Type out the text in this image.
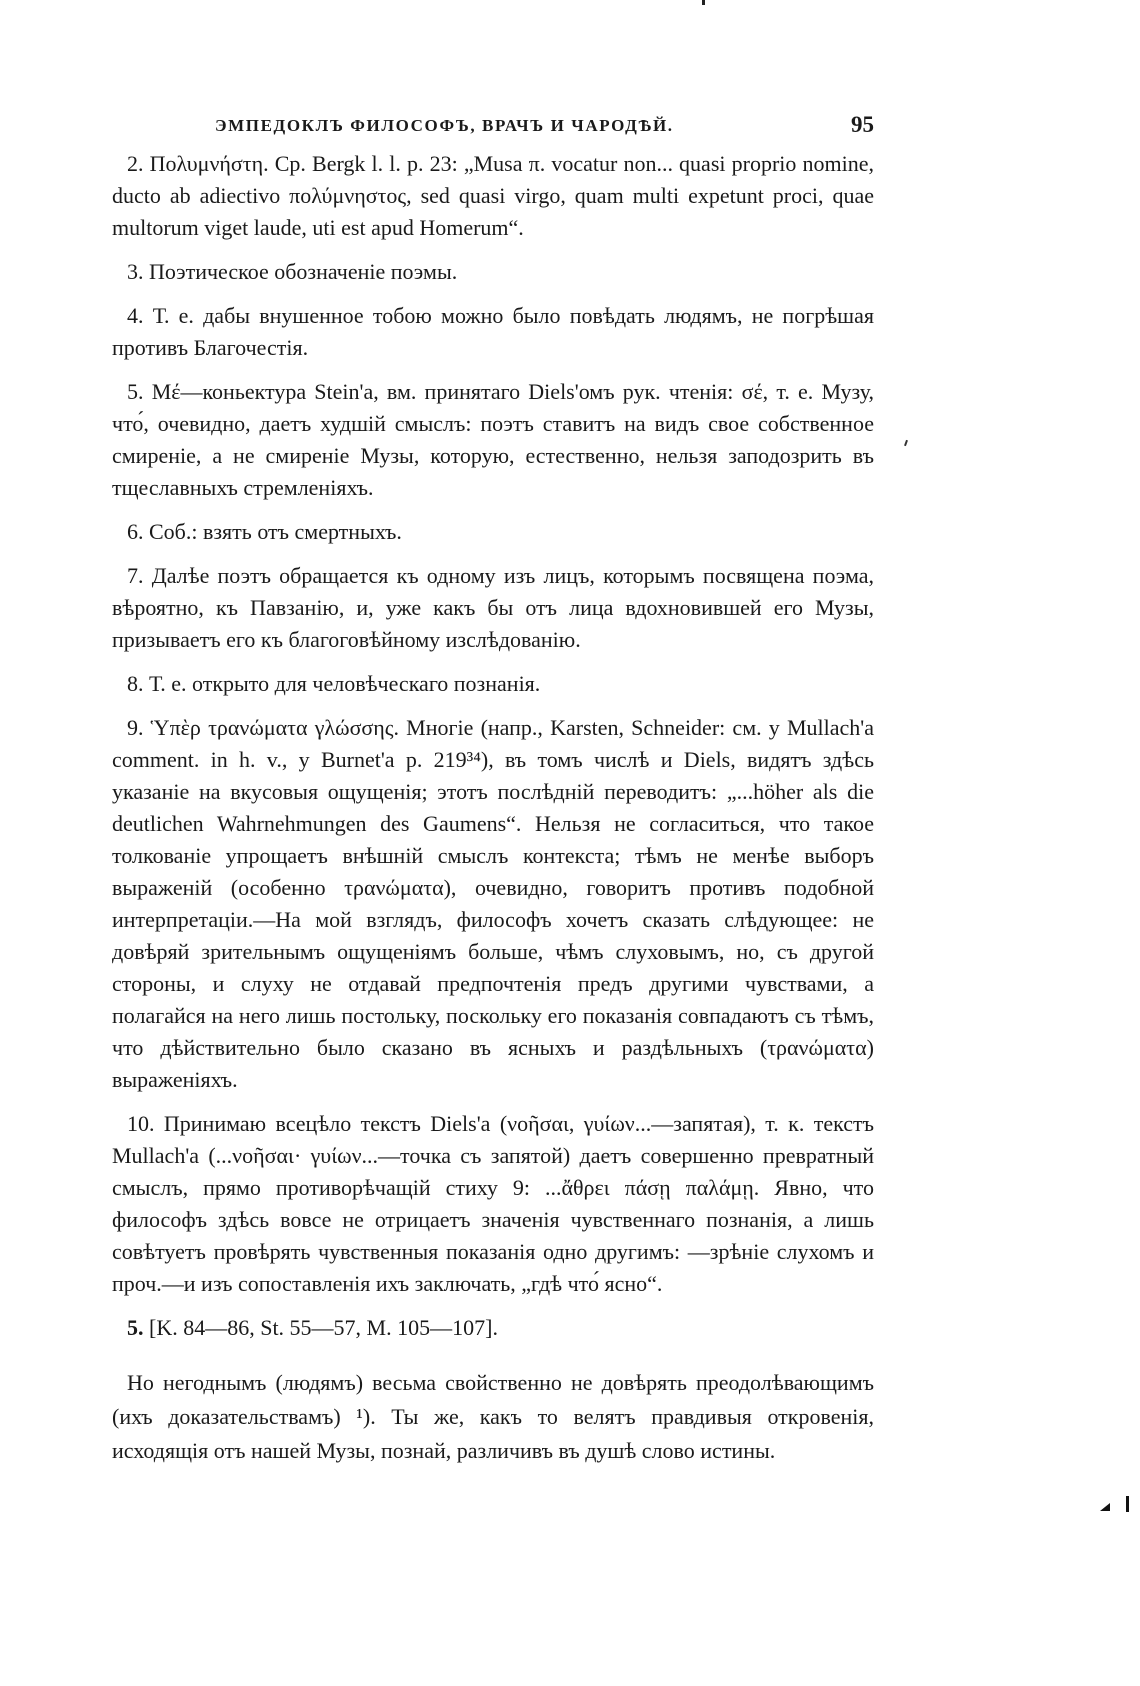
ЭМПЕДОКЛЪ ФИЛОСОФЪ, ВРАЧЪ И ЧАРОДѢЙ.	95

2. Πολυμνήστη. Ср. Bergk l. l. p. 23: „Musa π. vocatur non... quasi proprio nomine, ducto ab adiectivo πολύμνηστος, sed quasi virgo, quam multi expetunt proci, quae multorum viget laude, uti est apud Homerum“.

3. Поэтическое обозначеніе поэмы.

4. Т. е. дабы внушенное тобою можно было повѣдать людямъ, не погрѣшая противъ Благочестія.

5. Μέ—коньектура Stein'а, вм. принятаго Diels'омъ рук. чтенія: σέ, т. е. Музу, что́, очевидно, даетъ худшій смыслъ: поэтъ ставитъ на видъ свое собственное смиреніе, а не смиреніе Музы, которую, естественно, нельзя заподозрить въ тщеславныхъ стремленіяхъ.

6. Соб.: взять отъ смертныхъ.

7. Далѣе поэтъ обращается къ одному изъ лицъ, которымъ посвящена поэма, вѣроятно, къ Павзанію, и, уже какъ бы отъ лица вдохновившей его Музы, призываетъ его къ благоговѣйному изслѣдованію.

8. Т. е. открыто для человѣческаго познанія.

9. Ὑπὲρ τρανώματα γλώσσης. Многіе (напр., Karsten, Schneider: см. у Mullach'а comment. in h. v., у Burnet'а p. 219³⁴), въ томъ числѣ и Diels, видятъ здѣсь указаніе на вкусовыя ощущенія; этотъ послѣдній переводитъ: „...höher als die deutlichen Wahrnehmungen des Gaumens“. Нельзя не согласиться, что такое толкованіе упрощаетъ внѣшній смыслъ контекста; тѣмъ не менѣе выборъ выраженій (особенно τρανώματα), очевидно, говоритъ противъ подобной интерпретаціи.—На мой взглядъ, философъ хочетъ сказать слѣдующее: не довѣряй зрительнымъ ощущеніямъ больше, чѣмъ слуховымъ, но, съ другой стороны, и слуху не отдавай предпочтенія предъ другими чувствами, а полагайся на него лишь постольку, поскольку его показанія совпадаютъ съ тѣмъ, что дѣйствительно было сказано въ ясныхъ и раздѣльныхъ (τρανώματα) выраженіяхъ.

10. Принимаю всецѣло текстъ Diels'а (νοῆσαι, γυίων...—запятая), т. к. текстъ Mullach'а (...νοῆσαι· γυίων...—точка съ запятой) даетъ совершенно превратный смыслъ, прямо противорѣчащій стиху 9: ...ἄθρει πάσῃ παλάμῃ. Явно, что философъ здѣсь вовсе не отрицаетъ значенія чувственнаго познанія, а лишь совѣтуетъ провѣрять чувственныя показанія одно другимъ: —зрѣніе слухомъ и проч.—и изъ сопоставленія ихъ заключать, „гдѣ что́ ясно“.

5. [K. 84—86, St. 55—57, M. 105—107].

Но негоднымъ (людямъ) весьма свойственно не довѣрять преодолѣвающимъ (ихъ доказательствамъ) ¹). Ты же, какъ то велятъ правдивыя откровенія, исходящія отъ нашей Музы, познай, различивъ въ душѣ слово истины.
